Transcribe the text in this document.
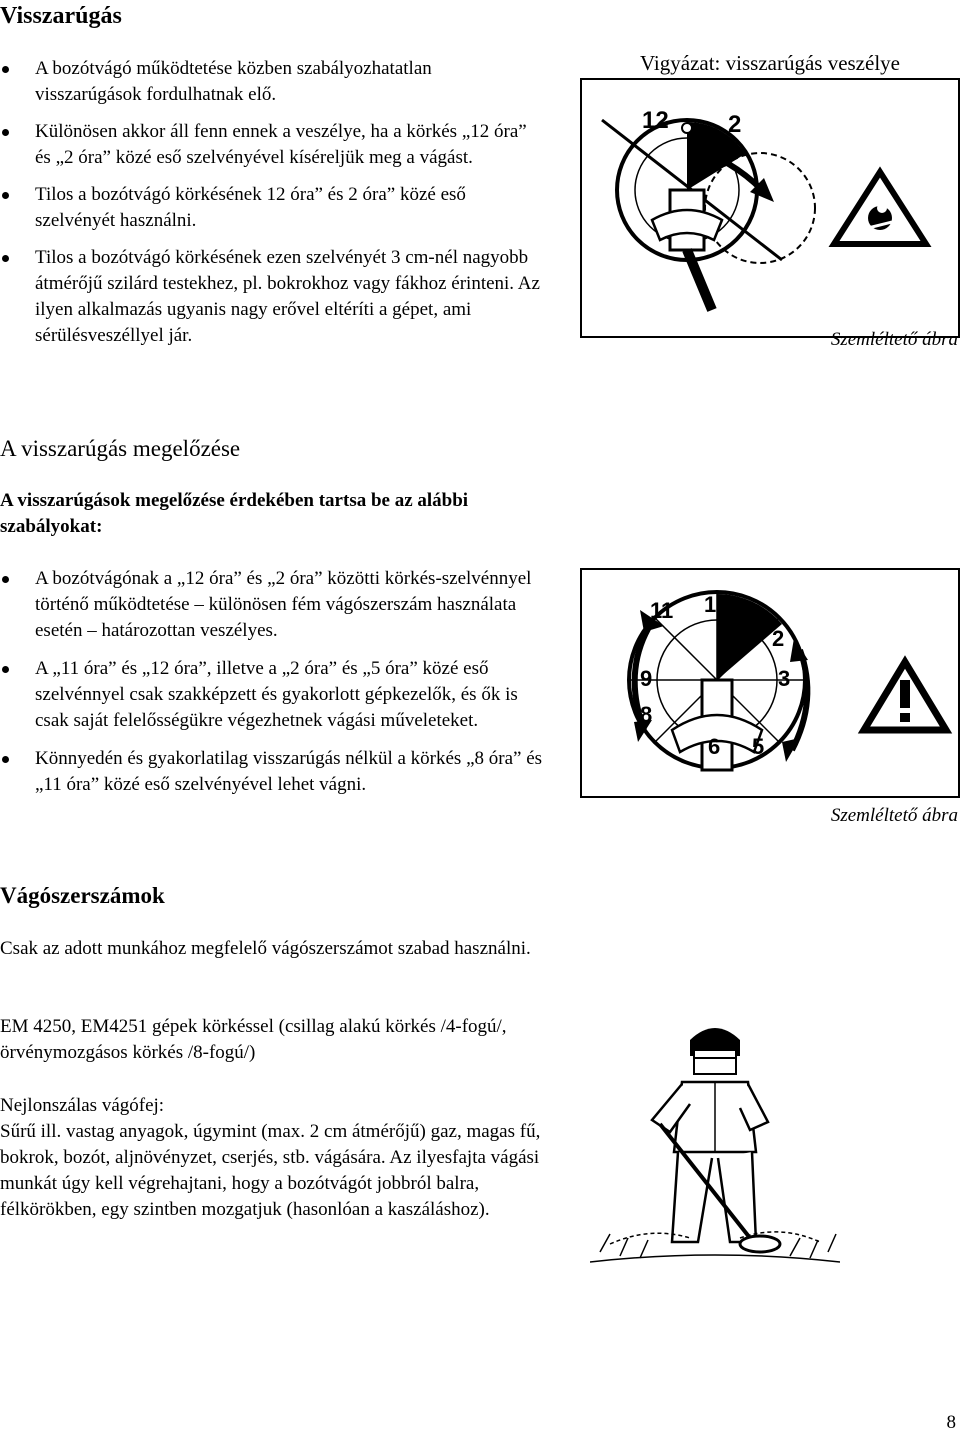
Visszarúgás
A bozótvágó működtetése közben szabályozhatatlan visszarúgások fordulhatnak elő.
Különösen akkor áll fenn ennek a veszélye, ha a körkés „12 óra” és „2 óra” közé eső szelvényével kíséreljük meg a vágást.
Tilos a bozótvágó körkésének 12 óra” és 2 óra” közé eső szelvényét használni.
Tilos a bozótvágó körkésének ezen szelvényét 3 cm-nél nagyobb átmérőjű szilárd testekhez, pl. bokrokhoz vagy fákhoz érinteni. Az ilyen alkalmazás ugyanis nagy erővel eltéríti a gépet, ami sérülésveszéllyel jár.
Vigyázat: visszarúgás veszélye
12 2
Szemléltető ábra
A visszarúgás megelőzése

A visszarúgások megelőzése érdekében tartsa be az alábbi szabályokat:

A bozótvágónak a „12 óra” és „2 óra” közötti körkés-szelvénnyel történő működtetése – különösen fém vágószerszám használata esetén – határozottan veszélyes.
A „11 óra” és „12 óra”, illetve a „2 óra” és „5 óra” közé eső szelvénnyel csak szakképzett és gyakorlott gépkezelők, és ők is csak saját felelősségükre végezhetnek vágási műveleteket.
Könnyedén és gyakorlatilag visszarúgás nélkül a körkés „8 óra” és „11 óra” közé eső szelvényével lehet vágni.
11 12
2
3
9
8
6 5
Szemléltető ábra
Vágószerszámok

Csak az adott munkához megfelelő vágószerszámot szabad használni.

EM 4250, EM4251 gépek körkéssel (csillag alakú körkés /4-fogú/, örvénymozgásos körkés /8-fogú/)

Nejlonszálas vágófej:

Sűrű ill. vastag anyagok, úgymint (max. 2 cm átmérőjű) gaz, magas fű, bokrok, bozót, aljnövényzet, cserjés, stb. vágására. Az ilyesfajta vágási munkát úgy kell végrehajtani, hogy a bozótvágót jobbról balra, félkörökben, egy szintben mozgatjuk (hasonlóan a kaszáláshoz).

8
